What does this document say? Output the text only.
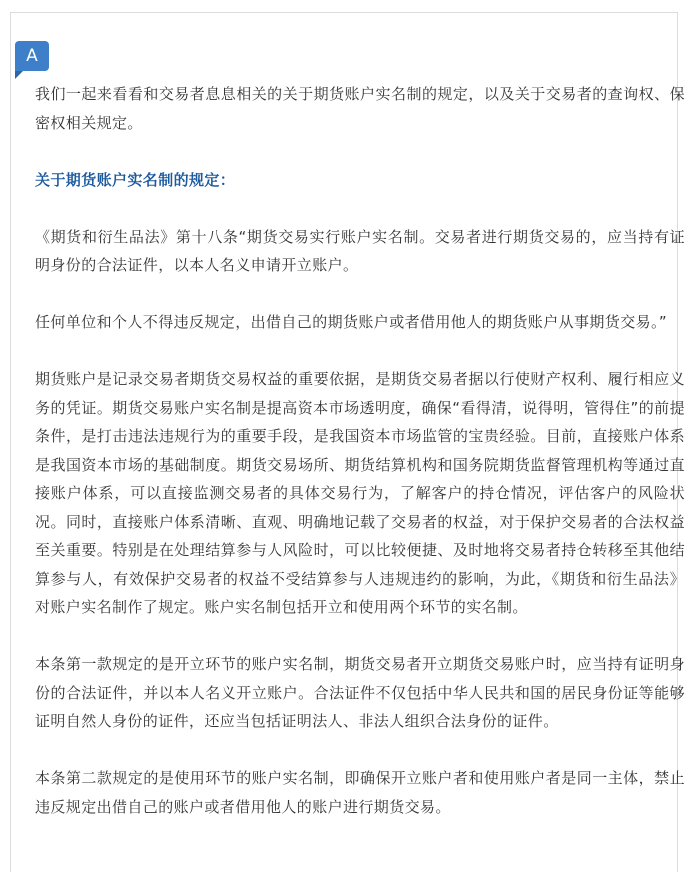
A

我们一起来看看和交易者息息相关的关于期货账户实名制的规定，以及关于交易者的查询权、保密权相关规定。

关于期货账户实名制的规定：

《期货和衍生品法》第十八条“期货交易实行账户实名制。交易者进行期货交易的，应当持有证明身份的合法证件，以本人名义申请开立账户。

任何单位和个人不得违反规定，出借自己的期货账户或者借用他人的期货账户从事期货交易。”

期货账户是记录交易者期货交易权益的重要依据，是期货交易者据以行使财产权利、履行相应义务的凭证。期货交易账户实名制是提高资本市场透明度，确保“看得清，说得明，管得住”的前提条件，是打击违法违规行为的重要手段，是我国资本市场监管的宝贵经验。目前，直接账户体系是我国资本市场的基础制度。期货交易场所、期货结算机构和国务院期货监督管理机构等通过直接账户体系，可以直接监测交易者的具体交易行为，了解客户的持仓情况，评估客户的风险状况。同时，直接账户体系清晰、直观、明确地记载了交易者的权益，对于保护交易者的合法权益至关重要。特别是在处理结算参与人风险时，可以比较便捷、及时地将交易者持仓转移至其他结算参与人，有效保护交易者的权益不受结算参与人违规违约的影响，为此，《期货和衍生品法》对账户实名制作了规定。账户实名制包括开立和使用两个环节的实名制。

本条第一款规定的是开立环节的账户实名制，期货交易者开立期货交易账户时，应当持有证明身份的合法证件，并以本人名义开立账户。合法证件不仅包括中华人民共和国的居民身份证等能够证明自然人身份的证件，还应当包括证明法人、非法人组织合法身份的证件。

本条第二款规定的是使用环节的账户实名制，即确保开立账户者和使用账户者是同一主体，禁止违反规定出借自己的账户或者借用他人的账户进行期货交易。
